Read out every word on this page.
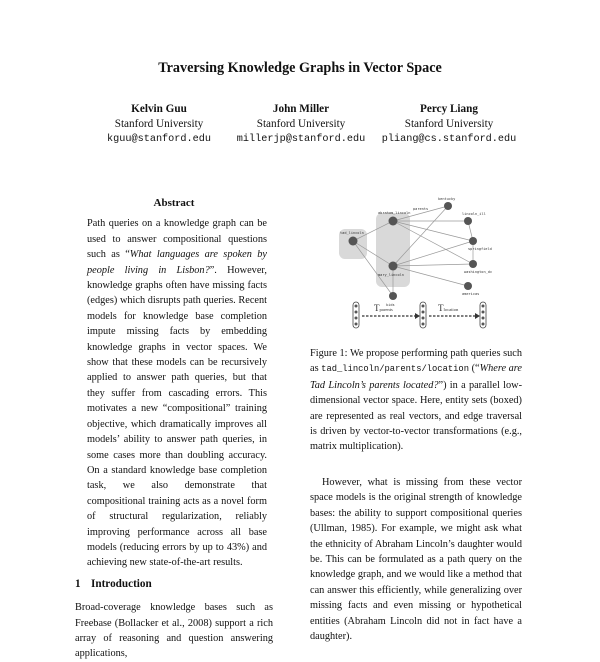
Traversing Knowledge Graphs in Vector Space
Kelvin Guu
Stanford University
kguu@stanford.edu
John Miller
Stanford University
millerjp@stanford.edu
Percy Liang
Stanford University
pliang@cs.stanford.edu
Abstract
Path queries on a knowledge graph can be used to answer compositional questions such as “What languages are spoken by people living in Lisbon?”. However, knowledge graphs often have missing facts (edges) which disrupts path queries. Recent models for knowledge base completion impute missing facts by embedding knowledge graphs in vector spaces. We show that these models can be recursively applied to answer path queries, but that they suffer from cascading errors. This motivates a new “compositional” training objective, which dramatically improves all models’ ability to answer path queries, in some cases more than doubling accuracy. On a standard knowledge base completion task, we also demonstrate that compositional training acts as a novel form of structural regularization, reliably improving performance across all base models (reducing errors by up to 43%) and achieving new state-of-the-art results.
1 Introduction
Broad-coverage knowledge bases such as Freebase (Bollacker et al., 2008) support a rich array of reasoning and question answering applications,
tad_lincoln
abraham_lincoln
mary_lincoln
kids
kentucky
lincoln_ill
springfield
washington_dc
americas
parents
Tparents	Tlocation
Figure 1: We propose performing path queries such as tad_lincoln/parents/location (“Where are Tad Lincoln’s parents located?”) in a parallel low-dimensional vector space. Here, entity sets (boxed) are represented as real vectors, and edge traversal is driven by vector-to-vector transformations (e.g., matrix multiplication).
However, what is missing from these vector space models is the original strength of knowledge bases: the ability to support compositional queries (Ullman, 1985). For example, we might ask what the ethnicity of Abraham Lincoln’s daughter would be. This can be formulated as a path query on the knowledge graph, and we would like a method that can answer this efficiently, while generalizing over missing facts and even missing or hypothetical entities (Abraham Lincoln did not in fact have a daughter).
